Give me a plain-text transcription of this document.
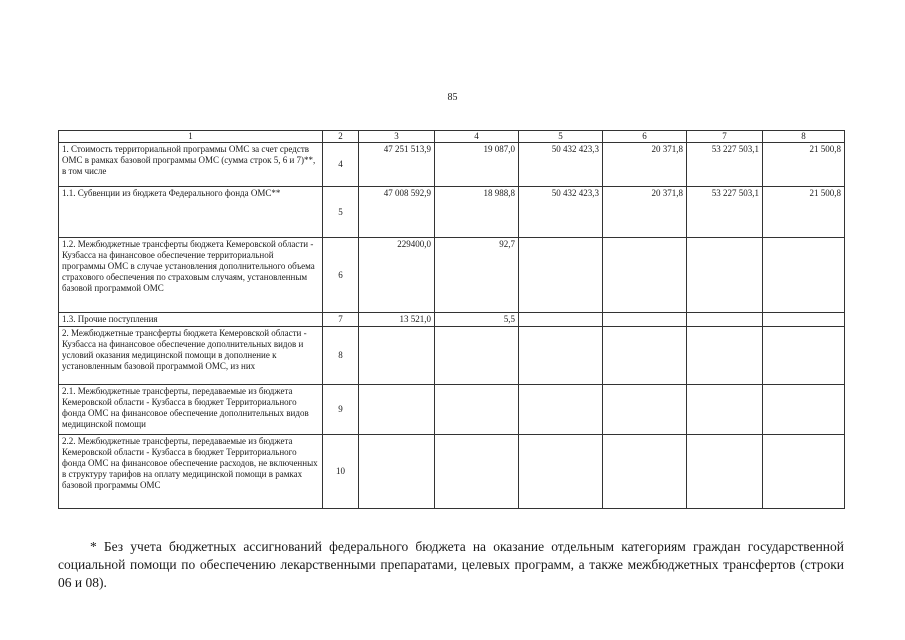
85
1	2	3	4	5	6	7	8
1. Стоимость территориальной программы ОМС за счет средств ОМС в рамках базовой программы ОМС (сумма строк 5, 6 и 7)**, в том числе	4	47 251 513,9	19 087,0	50 432 423,3	20 371,8	53 227 503,1	21 500,8
1.1. Субвенции из бюджета Федерального фонда ОМС**	5	47 008 592,9	18 988,8	50 432 423,3	20 371,8	53 227 503,1	21 500,8
1.2. Межбюджетные трансферты бюджета Кемеровской области - Кузбасса на финансовое обеспечение территориальной программы ОМС в случае установления дополнительного объема страхового обеспечения по страховым случаям, установленным базовой программой ОМС	6	229400,0	92,7				
1.3. Прочие поступления	7	13 521,0	5,5				
2. Межбюджетные трансферты бюджета Кемеровской области - Кузбасса на финансовое обеспечение дополнительных видов и условий оказания медицинской помощи в дополнение к установленным базовой программой ОМС, из них	8						
2.1. Межбюджетные трансферты, передаваемые из бюджета Кемеровской области - Кузбасса в бюджет Территориального фонда ОМС на финансовое обеспечение дополнительных видов медицинской помощи	9						
2.2. Межбюджетные трансферты, передаваемые из бюджета Кемеровской области - Кузбасса в бюджет Территориального фонда ОМС на финансовое обеспечение расходов, не включенных в структуру тарифов на оплату медицинской помощи в рамках базовой программы ОМС	10						
* Без учета бюджетных ассигнований федерального бюджета на оказание отдельным категориям граждан государственной социальной помощи по обеспечению лекарственными препаратами, целевых программ, а также межбюджетных трансфертов (строки 06 и 08).
